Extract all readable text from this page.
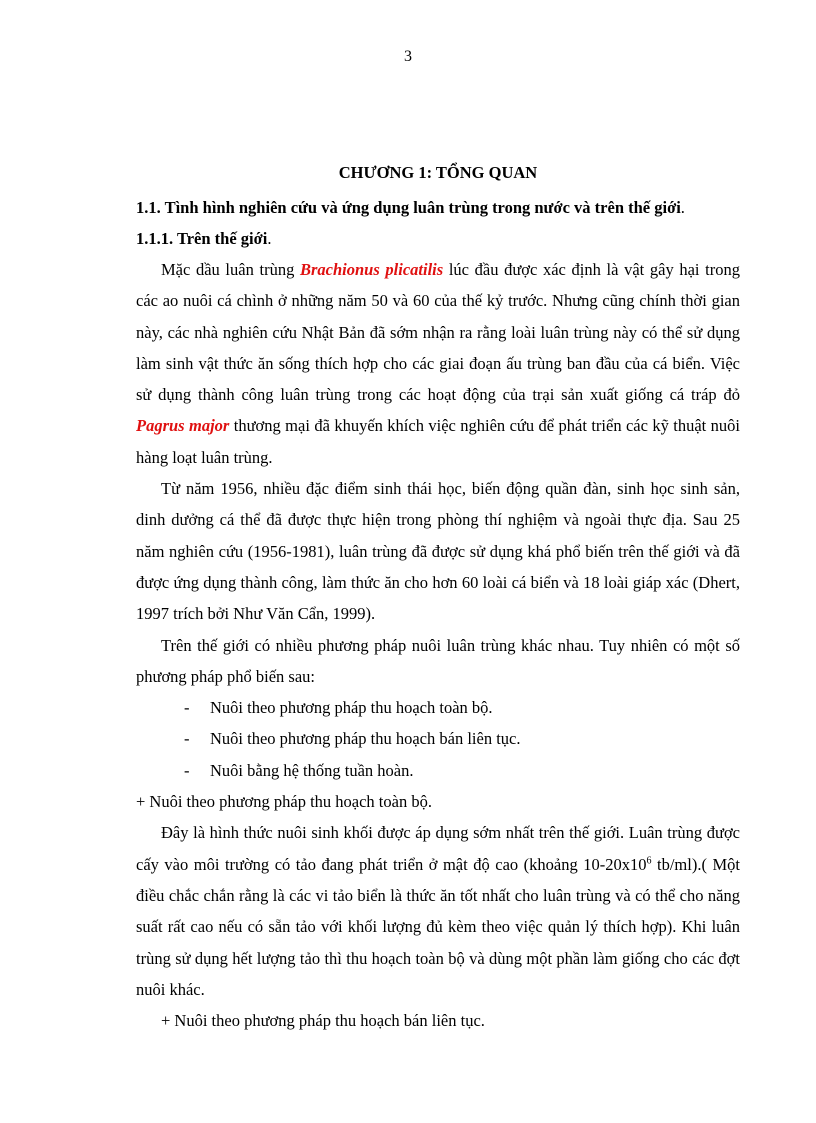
3
CHƯƠNG 1: TỔNG QUAN
1.1. Tình hình nghiên cứu và ứng dụng luân trùng trong nước và trên thế giới.
1.1.1. Trên thế giới.

Mặc dầu luân trùng Brachionus plicatilis lúc đầu được xác định là vật gây hại trong các ao nuôi cá chình ở những năm 50 và 60 của thế kỷ trước. Nhưng cũng chính thời gian này, các nhà nghiên cứu Nhật Bản đã sớm nhận ra rằng loài luân trùng này có thể sử dụng làm sinh vật thức ăn sống thích hợp cho các giai đoạn ấu trùng ban đầu của cá biển. Việc sử dụng thành công luân trùng trong các hoạt động của trại sản xuất giống cá tráp đỏ Pagrus major thương mại đã khuyến khích việc nghiên cứu để phát triển các kỹ thuật nuôi hàng loạt luân trùng.

Từ năm 1956, nhiều đặc điểm sinh thái học, biến động quần đàn, sinh học sinh sản, dinh dưởng cá thể đã được thực hiện trong phòng thí nghiệm và ngoài thực địa. Sau 25 năm nghiên cứu (1956-1981), luân trùng đã được sử dụng khá phổ biến trên thế giới và đã được ứng dụng thành công, làm thức ăn cho hơn 60 loài cá biển và 18 loài giáp xác (Dhert, 1997 trích bởi Như Văn Cẩn, 1999).

Trên thế giới có nhiều phương pháp nuôi luân trùng khác nhau. Tuy nhiên có một số phương pháp phổ biến sau:

- Nuôi theo phương pháp thu hoạch toàn bộ.
- Nuôi theo phương pháp thu hoạch bán liên tục.
- Nuôi bằng hệ thống tuần hoàn.
+ Nuôi theo phương pháp thu hoạch toàn bộ.

Đây là hình thức nuôi sinh khối được áp dụng sớm nhất trên thế giới. Luân trùng được cấy vào môi trường có tảo đang phát triển ở mật độ cao (khoảng $10-20x10^6$ tb/ml).( Một điều chắc chắn rằng là các vi tảo biển là thức ăn tốt nhất cho luân trùng và có thể cho năng suất rất cao nếu có sẵn tảo với khối lượng đủ kèm theo việc quản lý thích hợp). Khi luân trùng sử dụng hết lượng tảo thì thu hoạch toàn bộ và dùng một phần làm giống cho các đợt nuôi khác.

+ Nuôi theo phương pháp thu hoạch bán liên tục.
